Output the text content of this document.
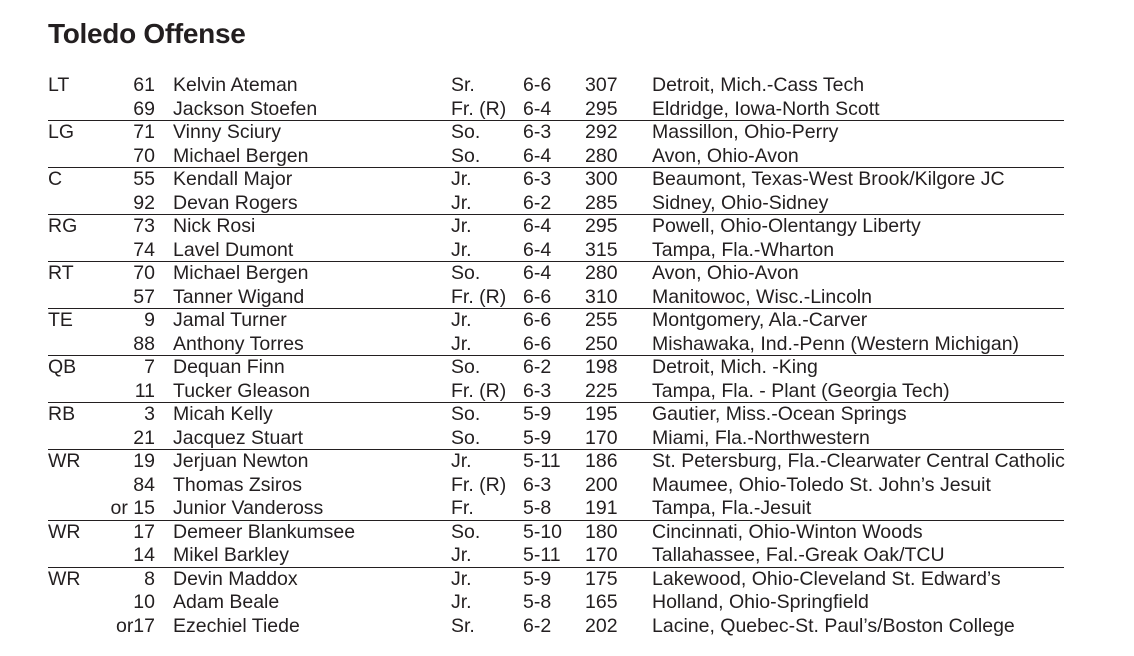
Toledo Offense
LT	61 Kelvin Ateman	Sr. 6-6 307 Detroit, Mich.-Cass Tech
69 Jackson Stoefen	Fr. (R) 6-4 295 Eldridge, Iowa-North Scott
LG	71 Vinny Sciury	So. 6-3 292 Massillon, Ohio-Perry
70 Michael Bergen	So. 6-4 280 Avon, Ohio-Avon
C	55 Kendall Major	Jr.	6-3 300 Beaumont, Texas-West Brook/Kilgore JC
92 Devan Rogers	Jr.	6-2 285 Sidney, Ohio-Sidney
RG	73 Nick Rosi	Jr.	6-4 295 Powell, Ohio-Olentangy Liberty
74 Lavel Dumont	Jr.	6-4 315 Tampa, Fla.-Wharton
RT	70 Michael Bergen	So. 6-4 280 Avon, Ohio-Avon
57 Tanner Wigand	Fr. (R) 6-6 310 Manitowoc, Wisc.-Lincoln
TE	9 Jamal Turner	Jr.	6-6 255 Montgomery, Ala.-Carver
88 Anthony Torres	Jr.	6-6 250 Mishawaka, Ind.-Penn (Western Michigan)
QB	7 Dequan Finn	So. 6-2 198 Detroit, Mich. -King
11 Tucker Gleason	Fr. (R) 6-3 225 Tampa, Fla. - Plant (Georgia Tech)
RB	3 Micah Kelly	So. 5-9 195 Gautier, Miss.-Ocean Springs
21 Jacquez Stuart	So. 5-9 170 Miami, Fla.-Northwestern
WR	19 Jerjuan Newton	Jr.	5-11 186 St. Petersburg, Fla.-Clearwater Central Catholic
84 Thomas Zsiros	Fr. (R) 6-3 200 Maumee, Ohio-Toledo St. John’s Jesuit
or 15 Junior Vandeross	Fr.	5-8 191 Tampa, Fla.-Jesuit
WR	17 Demeer Blankumsee	So. 5-10 180 Cincinnati, Ohio-Winton Woods
14 Mikel Barkley	Jr.	5-11 170 Tallahassee, Fal.-Greak Oak/TCU
WR	8 Devin Maddox	Jr.	5-9 175 Lakewood, Ohio-Cleveland St. Edward’s
10 Adam Beale	Jr.	5-8 165 Holland, Ohio-Springfield
or17 Ezechiel Tiede	Sr. 6-2 202 Lacine, Quebec-St. Paul’s/Boston College
